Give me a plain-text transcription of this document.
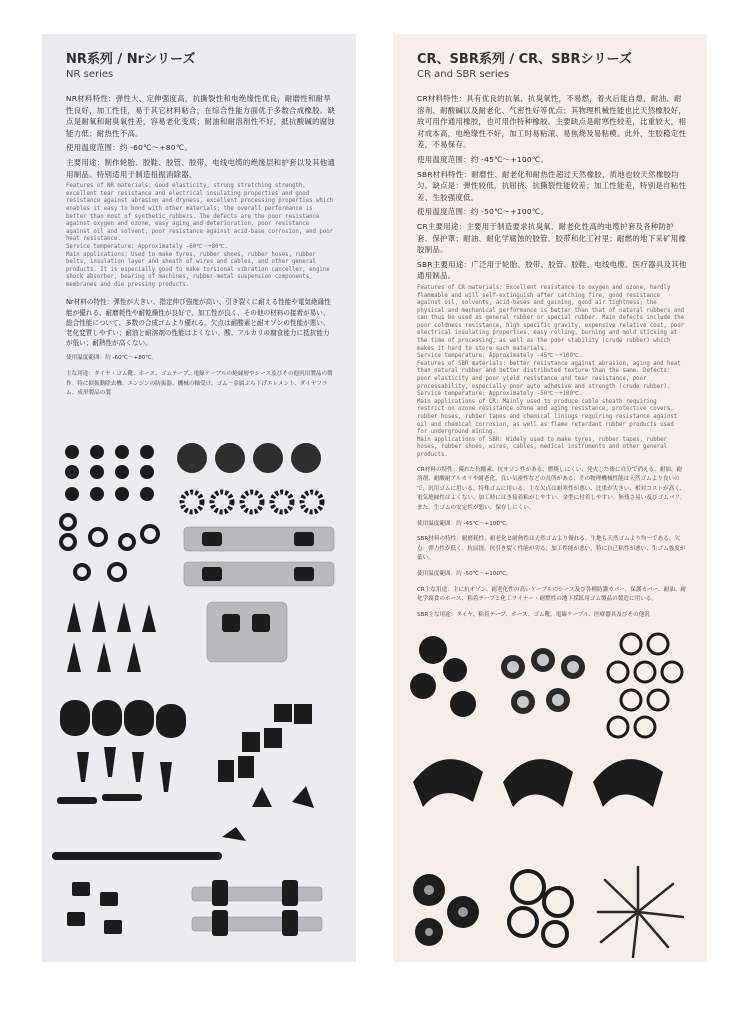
NR系列 / Nrシリーズ
NR series

NR材料特性：弹性大、定伸强度高，抗撕裂性和电绝缘性优良，耐磨性和耐旱性良好，加工性佳，易于其它材料粘合，在综合性能方面优于多数合成橡胶。缺点是耐氧和耐臭氧性差，容易老化变质；耐油和耐溶剂性不好，抵抗酸碱的腐蚀能力低；耐热性不高。

使用温度范围：约 -60℃～+80℃。

主要用途：制作轮胎、胶鞋、胶管、胶带、电线电缆的绝缘层和护套以及其他通用制品。特别适用于制造扭振消除器、

Features of NR materials: Good elasticity, strong stretching strength, excellent tear resistance and electrical insulating properties and good resistance against abrasion and dryness, excellent processing properties which enables it easy to bond with other materials; the overall performance is better than most of synthetic rubbers. The defects are the poor resistance against oxygen and ozone, easy aging and deterioration, poor resistance against oil and solvent, poor resistance against acid-base corrosion, and poor heat resistance.

Service temperature: Approximately -60℃～+80℃.

Main applications: Used to make tyres, rubber shoes, rubber hoses, rubber belts, insulation layer and sheath of wires and cables, and other general products. It is especially good to make torsional vibration canceller, engine shock absorber, bearing of machines, rubber-metal suspension components, membranes and die pressing products.

Nr材料の特性：弾性が大きい、指定伸び強度が高い、引き裂くに耐える性能や電気絶縁性能が優れる、耐磨耗性や耐乾燥性が良好で、加工性が良く、その他の材料の接着が易い、総合性能について、多数の合成ゴムより優れる。欠点は耐酸素と耐オゾンの性能が悪い、老化変質しやすい；耐油と耐溶剤の性能はよくない、酸、アルカリの腐食能力に抵抗能力が低い；耐熱性が高くない。

使用温度範囲：約 -60℃～+80℃。

主な用途：タイヤ・ゴム靴、ホース、ゴムテープ、電線ケーブルの絶縁層やシース及びその他汎用製品の製作。特に捩振動除去機、エンジンの防振器、機械の軸受け、ゴム－金属ぶら下げエレメント、ダイヤフラム、成形製品の製

CR、SBR系列 / CR、SBRシリーズ
CR and SBR series

CR材料特性：具有优良的抗氧、抗臭氧性，不易燃，着火后能自熄，耐油、耐溶剂、耐酸碱以及耐老化、气密性好等优点；其物理机械性能也比天然橡胶好，故可用作通用橡胶，也可用作特种橡胶。主要缺点是耐寒性较差，比重较大，相对成本高，电绝缘性不好，加工时易粘滚、易焦烧及易粘模。此外，生胶稳定性差，不易保存。

使用温度范围：约 -45℃～+100℃。

SBR材料特性：耐磨性、耐老化和耐热性超过天然橡胶，质地也较天然橡胶均匀。缺点是：弹性较低，抗屈挠、抗撕裂性能较差；加工性能差，特别是自粘性差、生胶强度低。

使用温度范围：约 -50℃～+100℃。

CR主要用途：主要用于制造要求抗臭氧、耐老化性高的电缆护套及各种防护套、保护罩；耐油、耐化学腐蚀的胶管、胶带和化工衬里；耐燃的地下采矿用橡胶制品。

SBR主要用途：广泛用于轮胎、胶带、胶管、胶鞋、电线电缆、医疗器具及其他通用制品。

Features of CR materials: Excellent resistance to oxygen and ozone, hardly flammable and will self-extinguish after catching fire, good resistance against oil, solvents, acid-bases and gaining, good air tightness; the physical and mechanical performance is better than that of natural rubbers and can thus be used as general rubber or special rubber. Main defects include the poor coldness resistance, high specific gravity, expensive relative cost, poor electrical insulating properties, easy rolling, burning and mold sticking at the time of processing, as well as the poor stability (crude rubber) which makes it hard to store such materials.

Service temperature: Approximately -45℃～+100℃.

Features of SBR materials: better resistance against abrasion, aging and heat than natural rubber and better distributed texture than the same. Defects: poor elasticity and poor yield resistance and tear resistance, poor processability, especially poor auto adhesive and strength (crude rubber).

Service temperature: Approximately -50℃～+100℃.

Main applications of CR: Mainly used to produce cable sheath requiring restrict on ozone resistance ozone and aging resistance, protective covers, rubber hoses, rubber tapes and chemical linings requiring resistance against oil and chemical corrosion, as well as flame retardant rubber products used for underground mining.

Main applications of SBR: Widely used to make tyres, rubber tapes, rubber hoses, rubber shoes, wires, cables, medical instruments and other general products.

CR材料の特性：優れた抗酸素、抗オゾン性がある、燃焼しにくい、発火した後に自分で消える、耐油、耐溶剤、耐酸耐アルカリや耐老化、良い気密性などの長所がある；その物理機械性能は天然ゴムより良いので、汎用ゴムに用いる、特殊ゴムに用いる。主な欠点は耐寒性が悪い、比重が大きい、相対コストが高く、電気絶縁性はよくない、加工時にはき接着粘がしやすい、金型に付着しやすい。無残さ易い及びゴムバリ。また、生ゴムの安定性が悪い、保存しにくい。

使用温度範囲：約 -45℃～+100℃。

SBR材料の特性：耐磨耗性、耐老化と耐熱性は天然ゴムより優れる、生地も天然ゴムより均一である。欠点：弾力性が低く、抗屈挠、抗引き裂く性能が劣る；加工性能が悪い，特に自己粘性が悪い、生ゴム強度が低い。

使用温度範囲：約 -50℃～+100℃。

CR主な用途：主に抗オゾン、耐老化性の高いケーブルのシース及び各種防護カバー、保護カバー、耐油、耐化学腐食のホース、粘着テープと化工ライナー・耐燃性の地下採鉱用ゴム製品の製造に用いる。

SBR主な用途：タイヤ、粘着テープ、ホース、ゴム靴、電線ケーブル、医療器具及びその他汎
